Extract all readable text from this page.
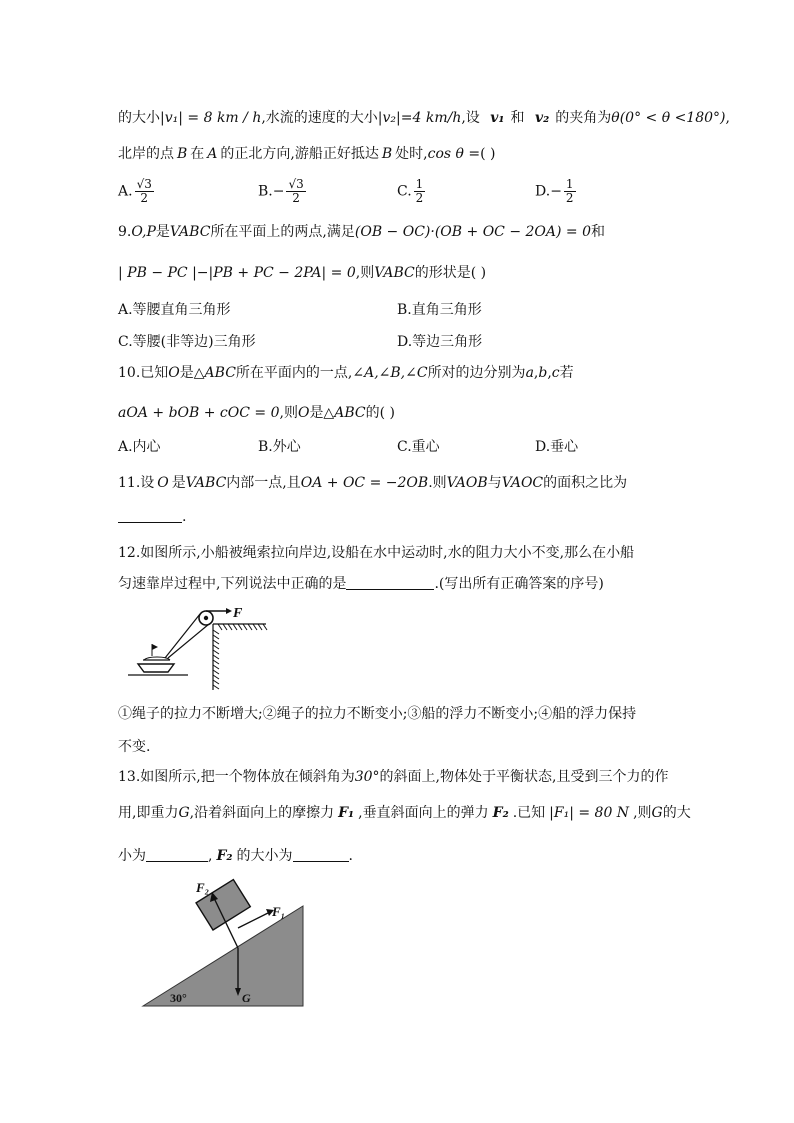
的大小|v₁| = 8 km / h,水流的速度的大小|v₂|=4 km/h,设 v₁ 和 v₂ 的夹角为θ(0° < θ <180°),
北岸的点 B 在 A 的正北方向,游船正好抵达 B 处时,cos θ =( )
A. $\frac{√3}{2}$	$B.- \frac{√3}{2}$	C. $\frac{1}{2}$	$D.- \frac{1}{2}$
9.O,P是VABC所在平面上的两点,满足(OB − OC)·(OB + OC − 2OA) = 0和
| PB − PC |−|PB + PC − 2PA| = 0,则VABC的形状是( )
A.等腰直角三角形	B.直角三角形
C.等腰(非等边)三角形	D.等边三角形
10.已知O是△ABC所在平面内的一点,∠A,∠B,∠C所对的边分别为a,b,c若
aOA + bOB + cOC = 0,则O是△ABC的( )
A.内心	B.外心	C.重心	D.垂心
11.设 O 是VABC内部一点,且OA + OC = −2OB.则VAOB与VAOC的面积之比为
.
12.如图所示,小船被绳索拉向岸边,设船在水中运动时,水的阻力大小不变,那么在小船
匀速靠岸过程中,下列说法中正确的是	.(写出所有正确答案的序号)
F
①绳子的拉力不断增大;②绳子的拉力不断变小;③船的浮力不断变小;④船的浮力保持
不变.
13.如图所示,把一个物体放在倾斜角为30°的斜面上,物体处于平衡状态,且受到三个力的作
用,即重力G,沿着斜面向上的摩擦力 F₁ ,垂直斜面向上的弹力 F₂ .已知 |F₁| = 80 N ,则G的大
小为	, F₂ 的大小为	.
F₂
F₁
30°	G
